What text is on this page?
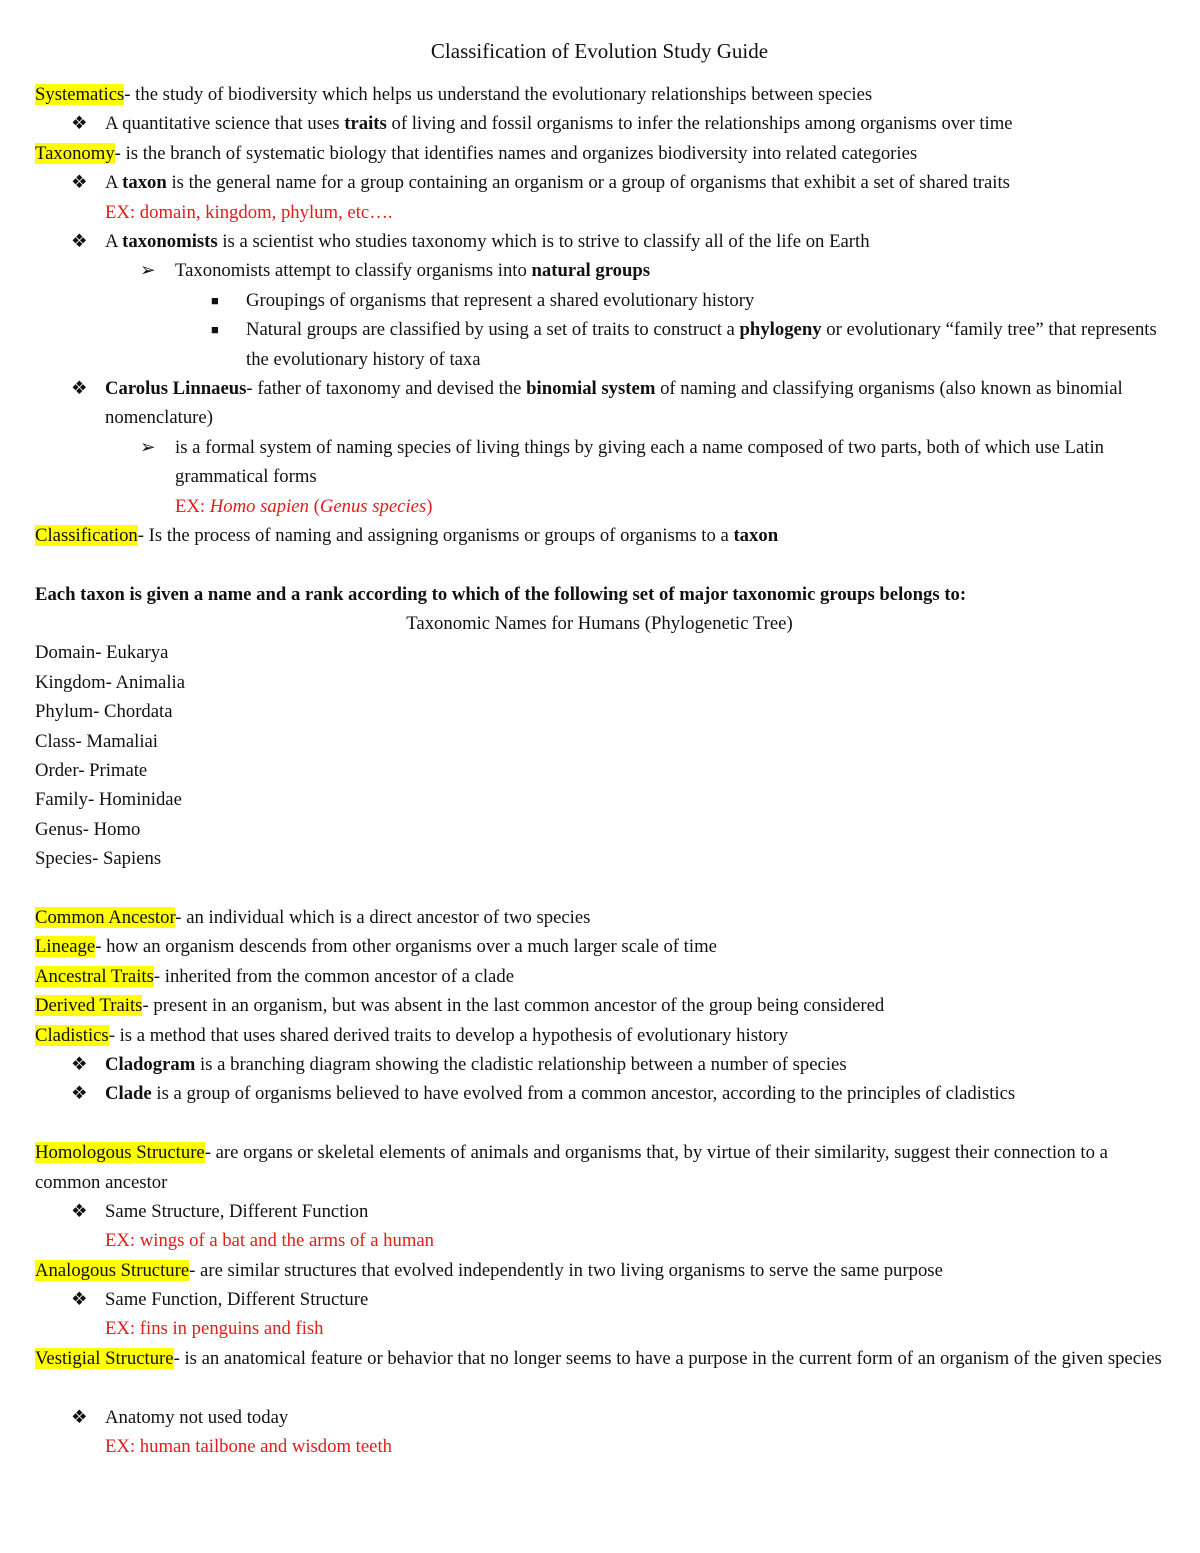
Classification of Evolution Study Guide
Systematics- the study of biodiversity which helps us understand the evolutionary relationships between species
❖ A quantitative science that uses traits of living and fossil organisms to infer the relationships among organisms over time
Taxonomy- is the branch of systematic biology that identifies names and organizes biodiversity into related categories
❖ A taxon is the general name for a group containing an organism or a group of organisms that exhibit a set of shared traits
EX: domain, kingdom, phylum, etc….
❖ A taxonomists is a scientist who studies taxonomy which is to strive to classify all of the life on Earth
➢ Taxonomists attempt to classify organisms into natural groups
■ Groupings of organisms that represent a shared evolutionary history
■ Natural groups are classified by using a set of traits to construct a phylogeny or evolutionary “family tree” that represents the evolutionary history of taxa
❖ Carolus Linnaeus- father of taxonomy and devised the binomial system of naming and classifying organisms (also known as binomial nomenclature)
➢ is a formal system of naming species of living things by giving each a name composed of two parts, both of which use Latin grammatical forms
EX: Homo sapien (Genus species)
Classification- Is the process of naming and assigning organisms or groups of organisms to a taxon
Each taxon is given a name and a rank according to which of the following set of major taxonomic groups belongs to:
Taxonomic Names for Humans (Phylogenetic Tree)
Domain- Eukarya
Kingdom- Animalia
Phylum- Chordata
Class- Mamaliai
Order- Primate
Family- Hominidae
Genus- Homo
Species- Sapiens
Common Ancestor- an individual which is a direct ancestor of two species
Lineage- how an organism descends from other organisms over a much larger scale of time
Ancestral Traits- inherited from the common ancestor of a clade
Derived Traits- present in an organism, but was absent in the last common ancestor of the group being considered
Cladistics- is a method that uses shared derived traits to develop a hypothesis of evolutionary history
❖ Cladogram is a branching diagram showing the cladistic relationship between a number of species
❖ Clade is a group of organisms believed to have evolved from a common ancestor, according to the principles of cladistics
Homologous Structure- are organs or skeletal elements of animals and organisms that, by virtue of their similarity, suggest their connection to a common ancestor
❖ Same Structure, Different Function
EX: wings of a bat and the arms of a human
Analogous Structure- are similar structures that evolved independently in two living organisms to serve the same purpose
❖ Same Function, Different Structure
EX: fins in penguins and fish
Vestigial Structure- is an anatomical feature or behavior that no longer seems to have a purpose in the current form of an organism of the given species
❖ Anatomy not used today
EX: human tailbone and wisdom teeth
